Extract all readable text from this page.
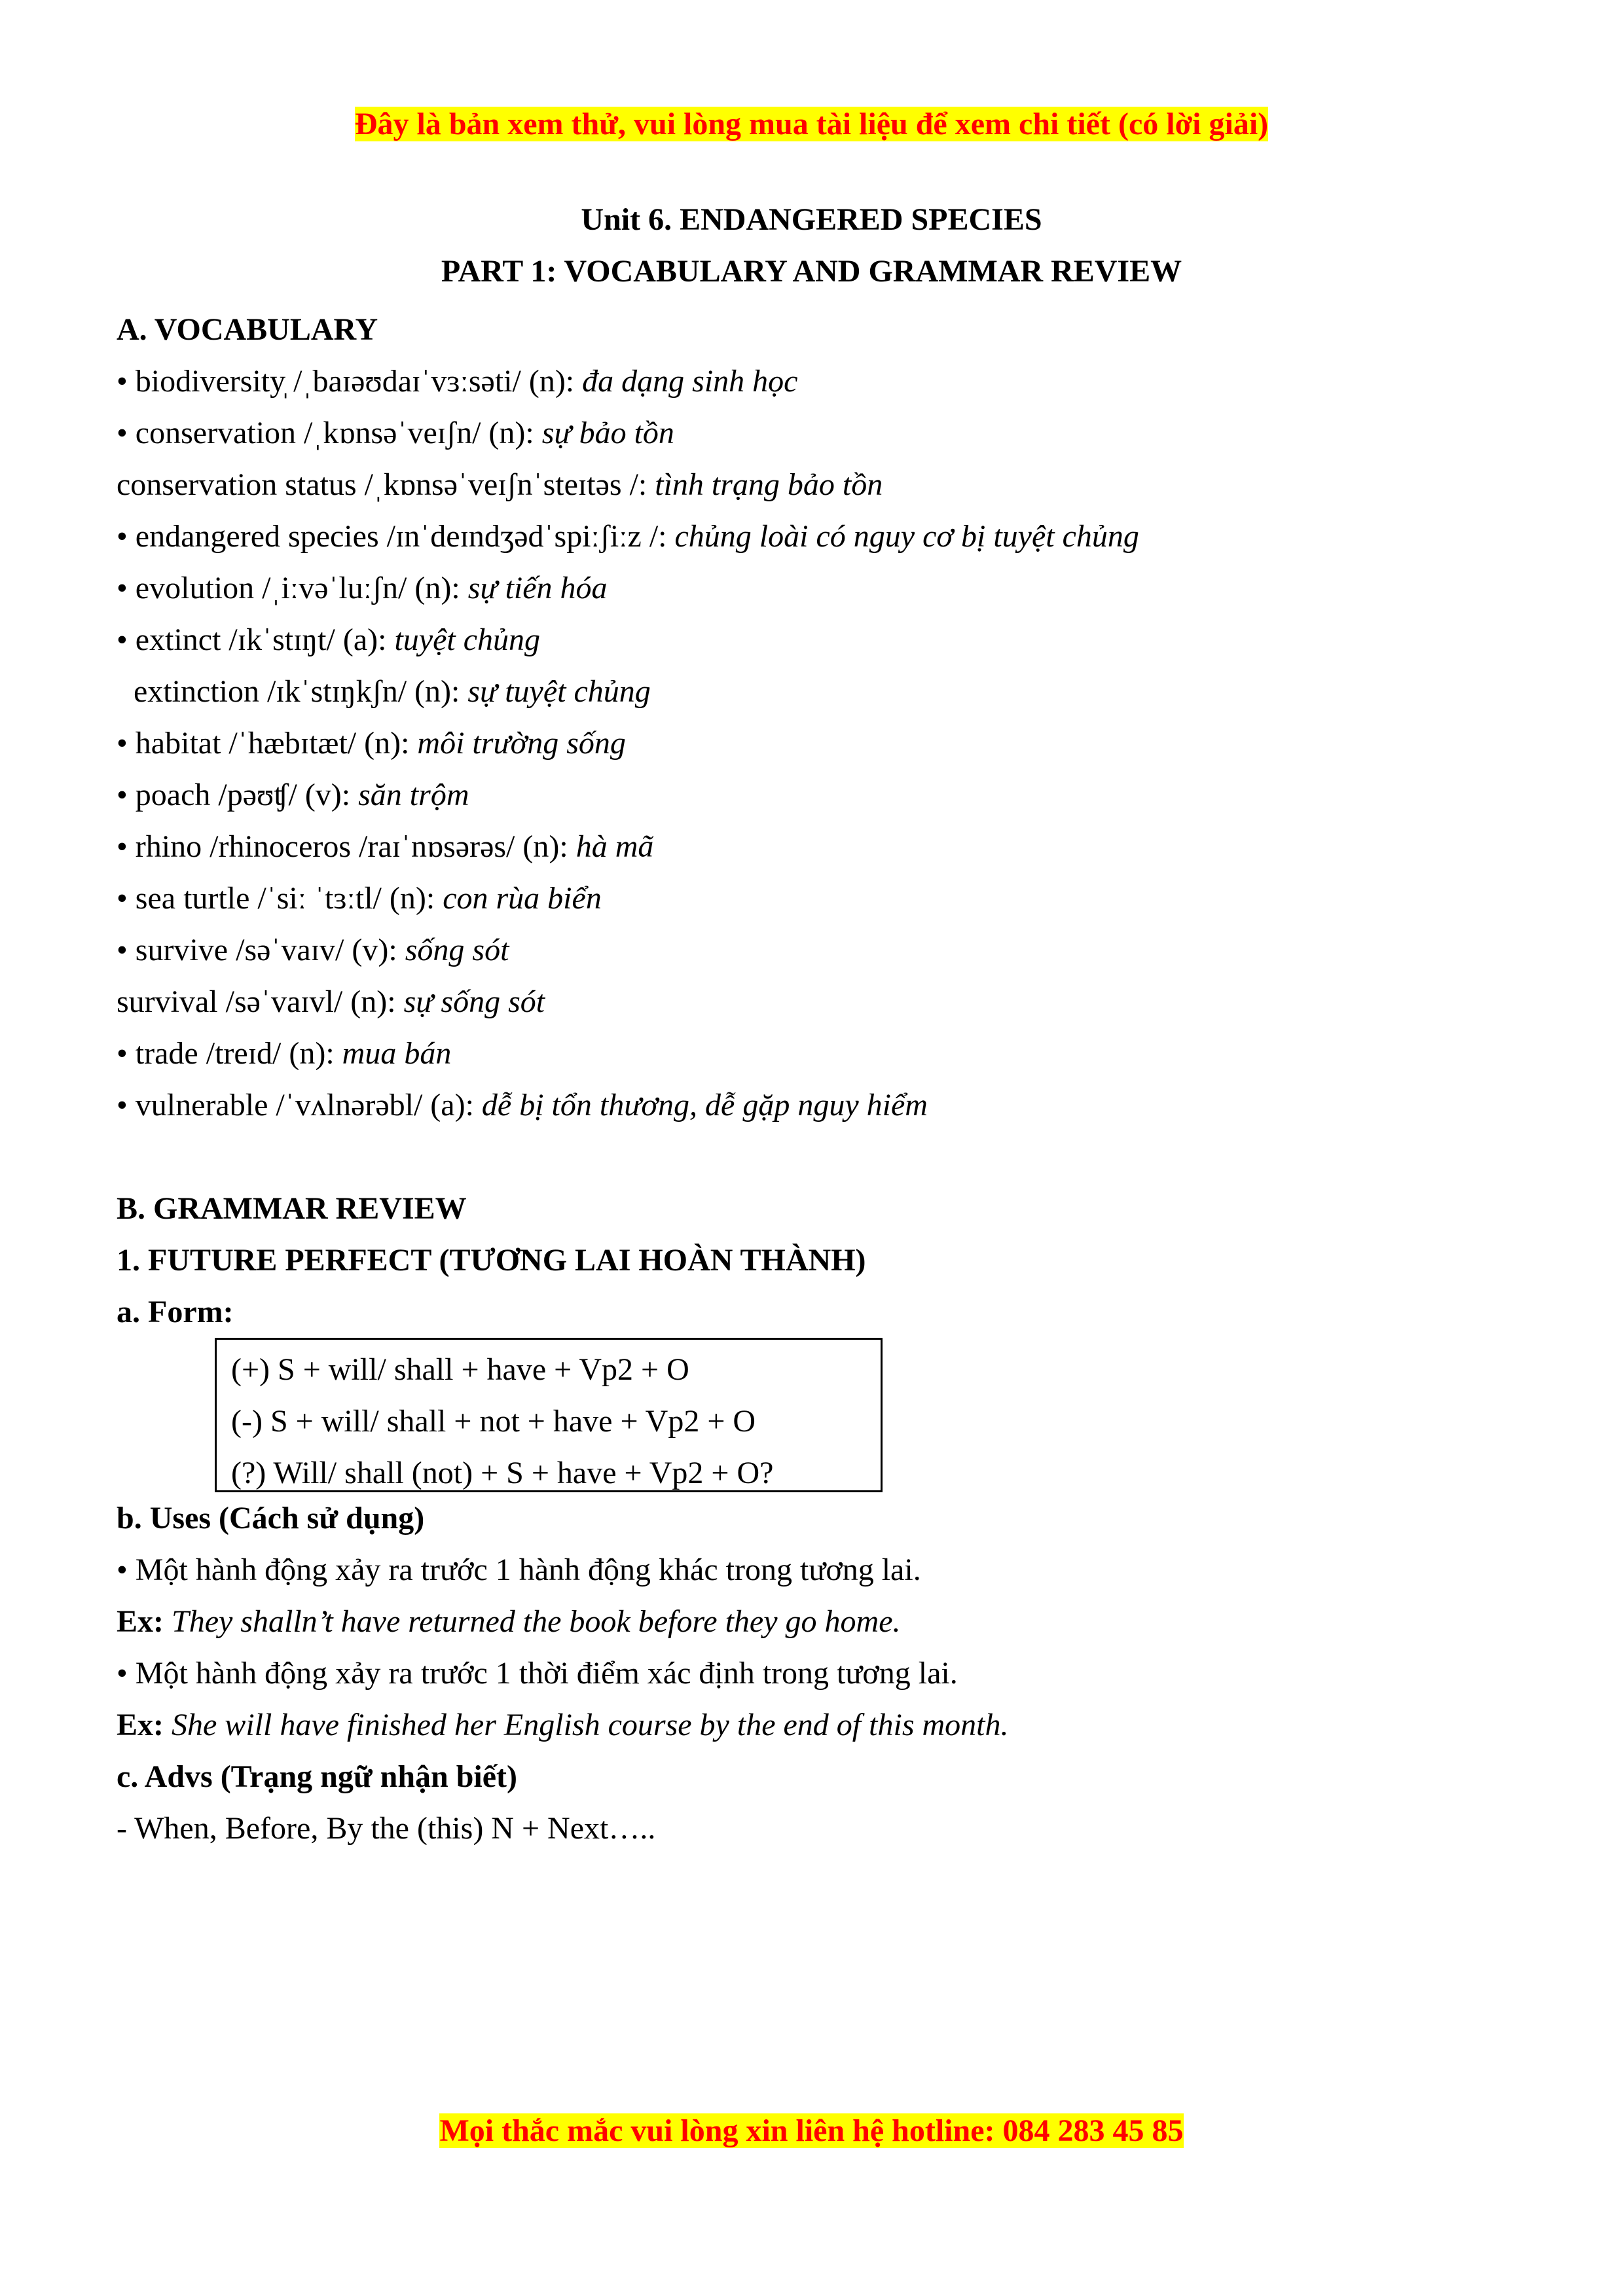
Đây là bản xem thử, vui lòng mua tài liệu để xem chi tiết (có lời giải)
Unit 6. ENDANGERED SPECIES
PART 1: VOCABULARY AND GRAMMAR REVIEW
A. VOCABULARY
• biodiversity̩ /ˌbaɪəʊdaɪˈvɜːsəti/ (n): đa dạng sinh học
• conservation /ˌkɒnsəˈveɪʃn/ (n): sự bảo tồn
conservation status /ˌkɒnsəˈveɪʃnˈsteɪtəs /: tình trạng bảo tồn
• endangered species /ɪnˈdeɪndʒədˈspiːʃiːz /: chủng loài có nguy cơ bị tuyệt chủng
• evolution /ˌiːvəˈluːʃn/ (n): sự tiến hóa
• extinct /ɪkˈstɪŋt/ (a): tuyệt chủng
extinction /ɪkˈstɪŋkʃn/ (n): sự tuyệt chủng
• habitat /ˈhæbɪtæt/ (n): môi trường sống
• poach /pəʊʧ/ (v): săn trộm
• rhino /rhinoceros /raɪˈnɒsərəs/ (n): hà mã
• sea turtle /ˈsiː ˈtɜːtl/ (n): con rùa biển
• survive /səˈvaɪv/ (v): sống sót
survival /səˈvaɪvl/ (n): sự sống sót
• trade /treɪd/ (n): mua bán
• vulnerable /ˈvʌlnərəbl/ (a): dễ bị tổn thương, dễ gặp nguy hiểm
B. GRAMMAR REVIEW
1. FUTURE PERFECT (TƯƠNG LAI HOÀN THÀNH)
a. Form:
(+) S + will/ shall + have + Vp2 + O
(-) S + will/ shall + not + have + Vp2 + O
(?) Will/ shall (not) + S + have + Vp2 + O?
b. Uses (Cách sử dụng)
• Một hành động xảy ra trước 1 hành động khác trong tương lai.
Ex: They shalln’t have returned the book before they go home.
• Một hành động xảy ra trước 1 thời điểm xác định trong tương lai.
Ex: She will have finished her English course by the end of this month.
c. Advs (Trạng ngữ nhận biết)
- When, Before, By the (this) N + Next…..
Mọi thắc mắc vui lòng xin liên hệ hotline: 084 283 45 85
